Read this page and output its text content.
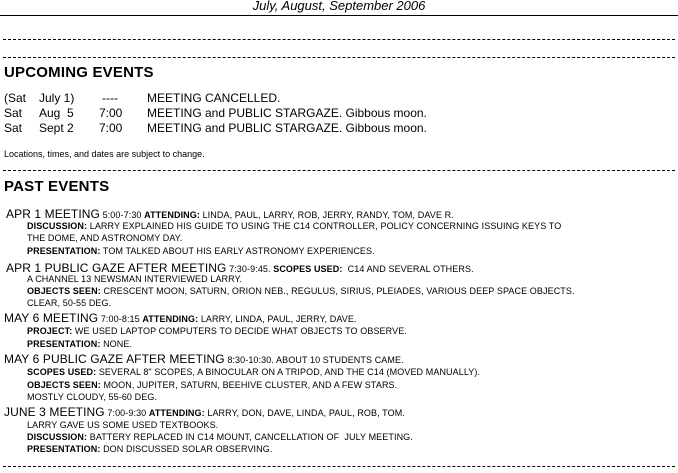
July, August, September 2006
UPCOMING EVENTS
(Sat July 1) ---- MEETING CANCELLED.
Sat Aug  5 7:00 MEETING and PUBLIC STARGAZE. Gibbous moon.
Sat Sept 2 7:00 MEETING and PUBLIC STARGAZE. Gibbous moon.
Locations, times, and dates are subject to change.
PAST EVENTS
APR 1 MEETING 5:00-7:30 ATTENDING: LINDA, PAUL, LARRY, ROB, JERRY, RANDY, TOM, DAVE R.
DISCUSSION: LARRY EXPLAINED HIS GUIDE TO USING THE C14 CONTROLLER, POLICY CONCERNING ISSUING KEYS TO
THE DOME, AND ASTRONOMY DAY.
PRESENTATION: TOM TALKED ABOUT HIS EARLY ASTRONOMY EXPERIENCES.
APR 1 PUBLIC GAZE AFTER MEETING 7:30-9:45. SCOPES USED:  C14 AND SEVERAL OTHERS.
A CHANNEL 13 NEWSMAN INTERVIEWED LARRY.
OBJECTS SEEN: CRESCENT MOON, SATURN, ORION NEB., REGULUS, SIRIUS, PLEIADES, VARIOUS DEEP SPACE OBJECTS.
CLEAR, 50-55 DEG.
MAY 6 MEETING 7:00-8:15 ATTENDING: LARRY, LINDA, PAUL, JERRY, DAVE.
PROJECT: WE USED LAPTOP COMPUTERS TO DECIDE WHAT OBJECTS TO OBSERVE.
PRESENTATION: NONE.
MAY 6 PUBLIC GAZE AFTER MEETING 8:30-10:30. ABOUT 10 STUDENTS CAME.
SCOPES USED: SEVERAL 8" SCOPES, A BINOCULAR ON A TRIPOD, AND THE C14 (MOVED MANUALLY).
OBJECTS SEEN: MOON, JUPITER, SATURN, BEEHIVE CLUSTER, AND A FEW STARS.
MOSTLY CLOUDY, 55-60 DEG.
JUNE 3 MEETING 7:00-9:30 ATTENDING: LARRY, DON, DAVE, LINDA, PAUL, ROB, TOM.
LARRY GAVE US SOME USED TEXTBOOKS.
DISCUSSION: BATTERY REPLACED IN C14 MOUNT, CANCELLATION OF  JULY MEETING.
PRESENTATION: DON DISCUSSED SOLAR OBSERVING.
